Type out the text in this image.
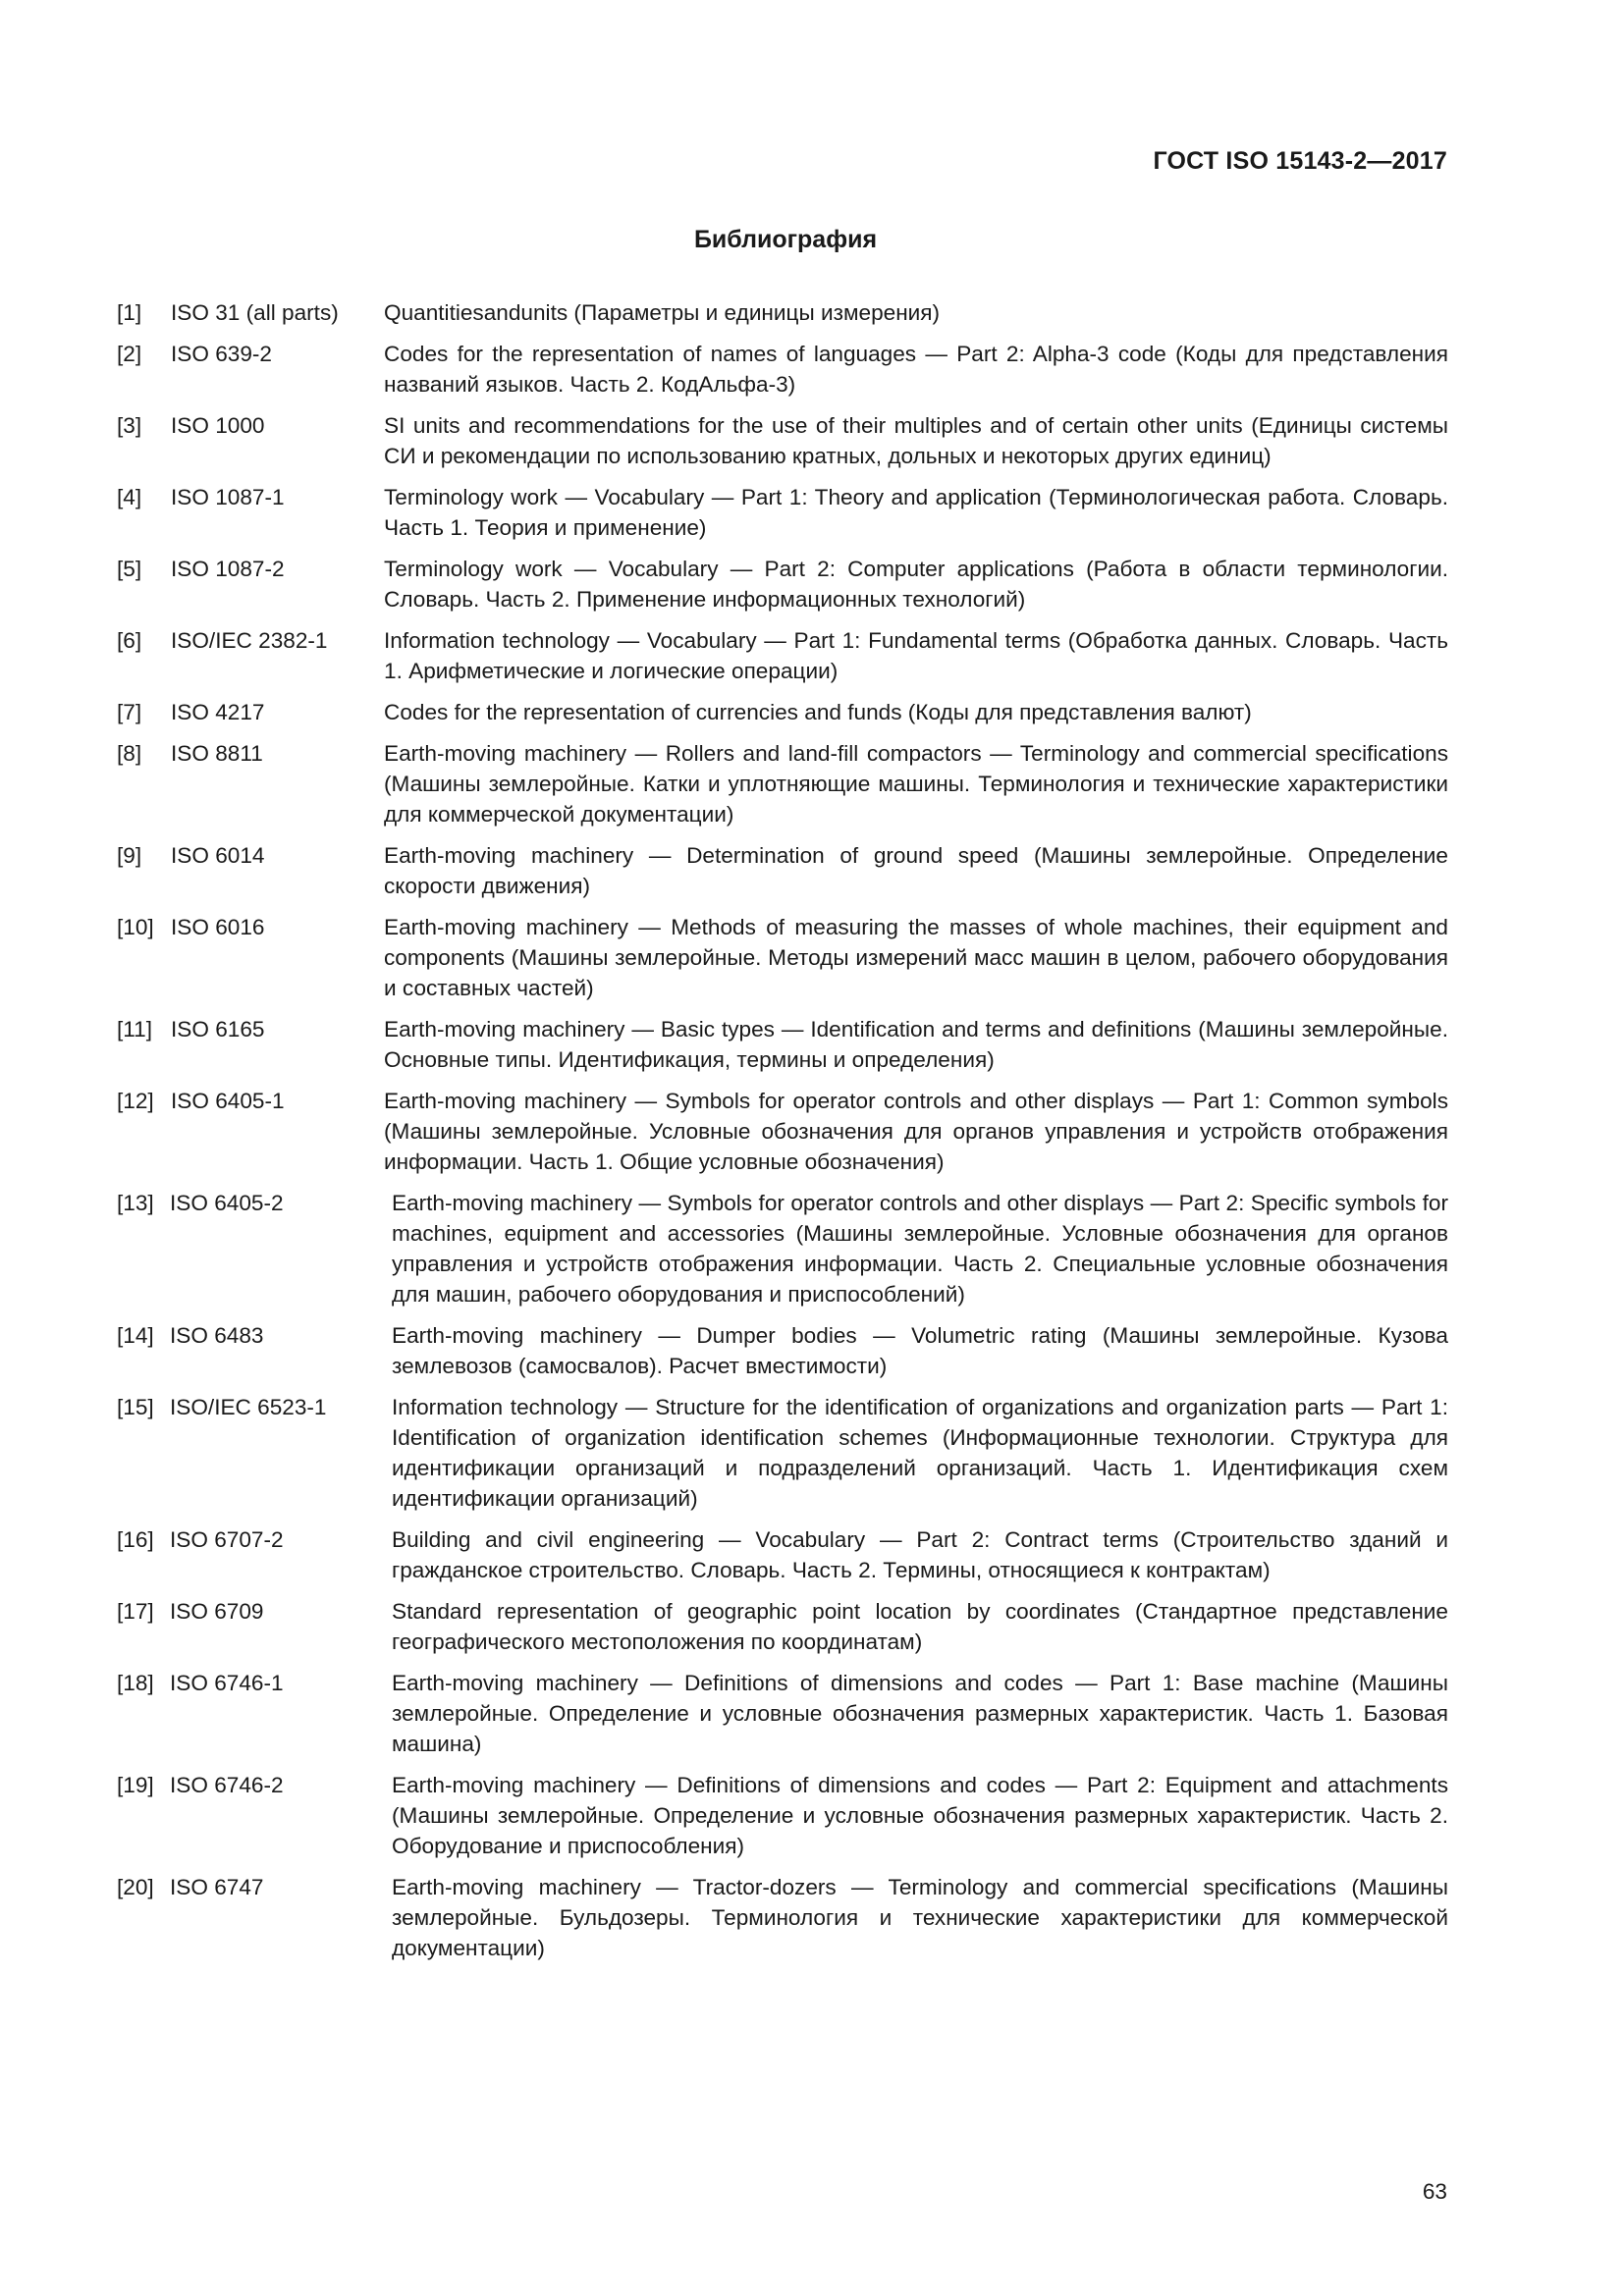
ГОСТ ISO 15143-2—2017
Библиография
[1] ISO 31 (all parts) Quantitiesandunits (Параметры и единицы измерения)
[2] ISO 639-2	Codes for the representation of names of languages — Part 2: Alpha-3 code (Коды для представления названий языков. Часть 2. КодАльфа-3)
[3] ISO 1000	SI units and recommendations for the use of their multiples and of certain other units (Единицы системы СИ и рекомендации по использованию кратных, дольных и некоторых других единиц)
[4] ISO 1087-1	Terminology work — Vocabulary — Part 1: Theory and application (Терминологическая работа. Словарь. Часть 1. Теория и применение)
[5] ISO 1087-2	Terminology work — Vocabulary — Part 2: Computer applications (Работа в области терминологии. Словарь. Часть 2. Применение информационных технологий)
[6] ISO/IEC 2382-1	Information technology — Vocabulary — Part 1: Fundamental terms (Обработка данных. Словарь. Часть 1. Арифметические и логические операции)
[7] ISO 4217	Codes for the representation of currencies and funds (Коды для представления валют)
[8] ISO 8811	Earth-moving machinery — Rollers and land-fill compactors — Terminology and commercial specifications (Машины землеройные. Катки и уплотняющие машины. Терминология и технические характеристики для коммерческой документации)
[9] ISO 6014	Earth-moving machinery — Determination of ground speed (Машины землеройные. Определение скорости движения)
[10] ISO 6016	Earth-moving machinery — Methods of measuring the masses of whole machines, their equipment and components (Машины землеройные. Методы измерений масс машин в целом, рабочего оборудования и составных частей)
[11] ISO 6165	Earth-moving machinery — Basic types — Identification and terms and definitions (Машины землеройные. Основные типы. Идентификация, термины и определения)
[12] ISO 6405-1	Earth-moving machinery — Symbols for operator controls and other displays — Part 1: Common symbols (Машины землеройные. Условные обозначения для органов управления и устройств отображения информации. Часть 1. Общие условные обозначения)
[13] ISO 6405-2	Earth-moving machinery — Symbols for operator controls and other displays — Part 2: Specific symbols for machines, equipment and accessories (Машины землеройные. Условные обозначения для органов управления и устройств отображения информации. Часть 2. Специальные условные обозначения для машин, рабочего оборудования и приспособлений)
[14] ISO 6483	Earth-moving machinery — Dumper bodies — Volumetric rating (Машины землеройные. Кузова землевозов (самосвалов). Расчет вместимости)
[15] ISO/IEC 6523-1	Information technology — Structure for the identification of organizations and organization parts — Part 1: Identification of organization identification schemes (Информационные технологии. Структура для идентификации организаций и подразделений организаций. Часть 1. Идентификация схем идентификации организаций)
[16] ISO 6707-2	Building and civil engineering — Vocabulary — Part 2: Contract terms (Строительство зданий и гражданское строительство. Словарь. Часть 2. Термины, относящиеся к контрактам)
[17] ISO 6709	Standard representation of geographic point location by coordinates (Стандартное представление географического местоположения по координатам)
[18] ISO 6746-1	Earth-moving machinery — Definitions of dimensions and codes — Part 1: Base machine (Машины землеройные. Определение и условные обозначения размерных характеристик. Часть 1. Базовая машина)
[19] ISO 6746-2	Earth-moving machinery — Definitions of dimensions and codes — Part 2: Equipment and attachments (Машины землеройные. Определение и условные обозначения размерных характеристик. Часть 2. Оборудование и приспособления)
[20] ISO 6747	Earth-moving machinery — Tractor-dozers — Terminology and commercial specifications (Машины землеройные. Бульдозеры. Терминология и технические характеристики для коммерческой документации)
63
